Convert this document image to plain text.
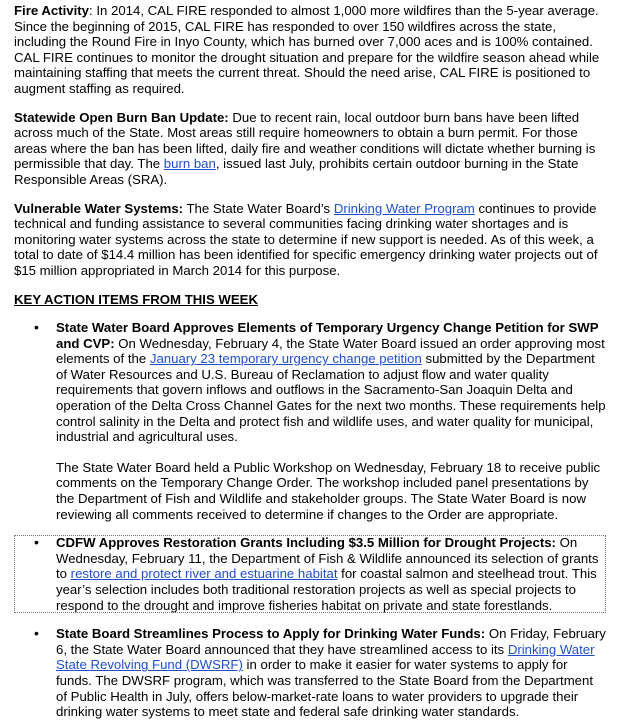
Fire Activity: In 2014, CAL FIRE responded to almost 1,000 more wildfires than the 5-year average. Since the beginning of 2015, CAL FIRE has responded to over 150 wildfires across the state, including the Round Fire in Inyo County, which has burned over 7,000 aces and is 100% contained. CAL FIRE continues to monitor the drought situation and prepare for the wildfire season ahead while maintaining staffing that meets the current threat. Should the need arise, CAL FIRE is positioned to augment staffing as required.

Statewide Open Burn Ban Update: Due to recent rain, local outdoor burn bans have been lifted across much of the State. Most areas still require homeowners to obtain a burn permit. For those areas where the ban has been lifted, daily fire and weather conditions will dictate whether burning is permissible that day. The burn ban, issued last July, prohibits certain outdoor burning in the State Responsible Areas (SRA).

Vulnerable Water Systems: The State Water Board’s Drinking Water Program continues to provide technical and funding assistance to several communities facing drinking water shortages and is monitoring water systems across the state to determine if new support is needed. As of this week, a total to date of $14.4 million has been identified for specific emergency drinking water projects out of $15 million appropriated in March 2014 for this purpose.

KEY ACTION ITEMS FROM THIS WEEK
• State Water Board Approves Elements of Temporary Urgency Change Petition for SWP and CVP: On Wednesday, February 4, the State Water Board issued an order approving most elements of the January 23 temporary urgency change petition submitted by the Department of Water Resources and U.S. Bureau of Reclamation to adjust flow and water quality requirements that govern inflows and outflows in the Sacramento-San Joaquin Delta and operation of the Delta Cross Channel Gates for the next two months. These requirements help control salinity in the Delta and protect fish and wildlife uses, and water quality for municipal, industrial and agricultural uses.
The State Water Board held a Public Workshop on Wednesday, February 18 to receive public comments on the Temporary Change Order. The workshop included panel presentations by the Department of Fish and Wildlife and stakeholder groups. The State Water Board is now reviewing all comments received to determine if changes to the Order are appropriate.
• CDFW Approves Restoration Grants Including $3.5 Million for Drought Projects: On Wednesday, February 11, the Department of Fish & Wildlife announced its selection of grants to restore and protect river and estuarine habitat for coastal salmon and steelhead trout. This year’s selection includes both traditional restoration projects as well as special projects to respond to the drought and improve fisheries habitat on private and state forestlands.
• State Board Streamlines Process to Apply for Drinking Water Funds: On Friday, February 6, the State Water Board announced that they have streamlined access to its Drinking Water State Revolving Fund (DWSRF) in order to make it easier for water systems to apply for funds. The DWSRF program, which was transferred to the State Board from the Department of Public Health in July, offers below-market-rate loans to water providers to upgrade their drinking water systems to meet state and federal safe drinking water standards.
